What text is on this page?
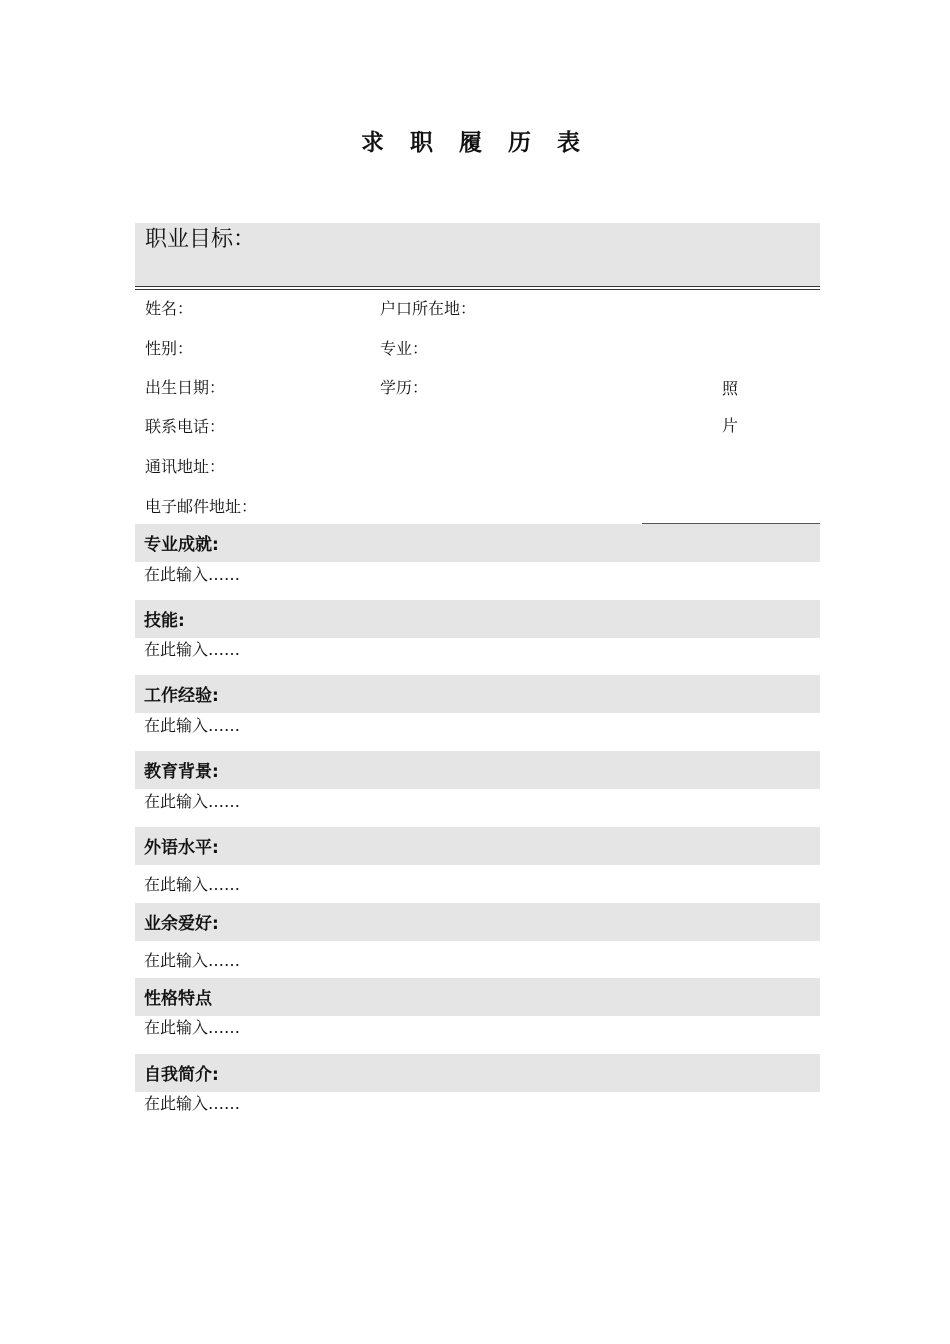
求 职 履 历 表
职业目标：
姓名：	户口所在地：
性别：	专业：
出生日期：	学历：
联系电话：
通讯地址：
电子邮件地址：
照
片
专业成就:
在此输入……
技能:
在此输入……
工作经验:
在此输入……
教育背景:
在此输入……
外语水平:
在此输入……
业余爱好:
在此输入……
性格特点
在此输入……
自我简介:
在此输入……
